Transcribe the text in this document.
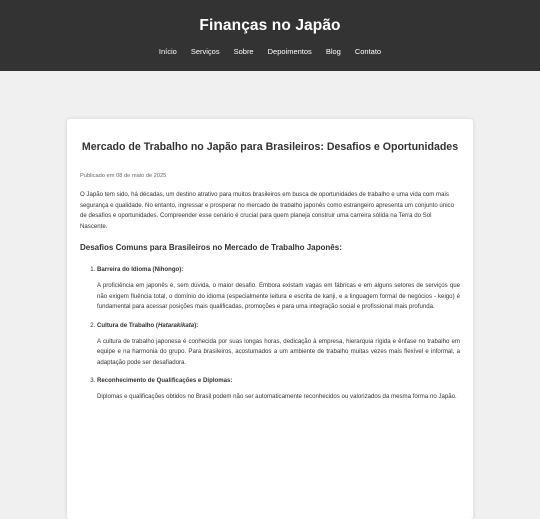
Finanças no Japão
Início Serviços Sobre Depoimentos Blog Contato
Mercado de Trabalho no Japão para Brasileiros: Desafios e Oportunidades

Publicado em 08 de maio de 2025

O Japão tem sido, há décadas, um destino atrativo para muitos brasileiros em busca de oportunidades de trabalho e uma vida com mais segurança e qualidade. No entanto, ingressar e prosperar no mercado de trabalho japonês como estrangeiro apresenta um conjunto único de desafios e oportunidades. Compreender esse cenário é crucial para quem planeja construir uma carreira sólida na Terra do Sol Nascente.

Desafios Comuns para Brasileiros no Mercado de Trabalho Japonês:
1. Barreira do Idioma (Nihongo):

A proficiência em japonês é, sem dúvida, o maior desafio. Embora existam vagas em fábricas e em alguns setores de serviços que não exigem fluência total, o domínio do idioma (especialmente leitura e escrita de kanji, e a linguagem formal de negócios - keigo) é fundamental para acessar posições mais qualificadas, promoções e para uma integração social e profissional mais profunda.

2. Cultura de Trabalho (Hatarakikata):

A cultura de trabalho japonesa é conhecida por suas longas horas, dedicação à empresa, hierarquia rígida e ênfase no trabalho em equipe e na harmonia do grupo. Para brasileiros, acostumados a um ambiente de trabalho muitas vezes mais flexível e informal, a adaptação pode ser desafiadora.

3. Reconhecimento de Qualificações e Diplomas:

Diplomas e qualificações obtidos no Brasil podem não ser automaticamente reconhecidos ou valorizados da mesma forma no Japão.
